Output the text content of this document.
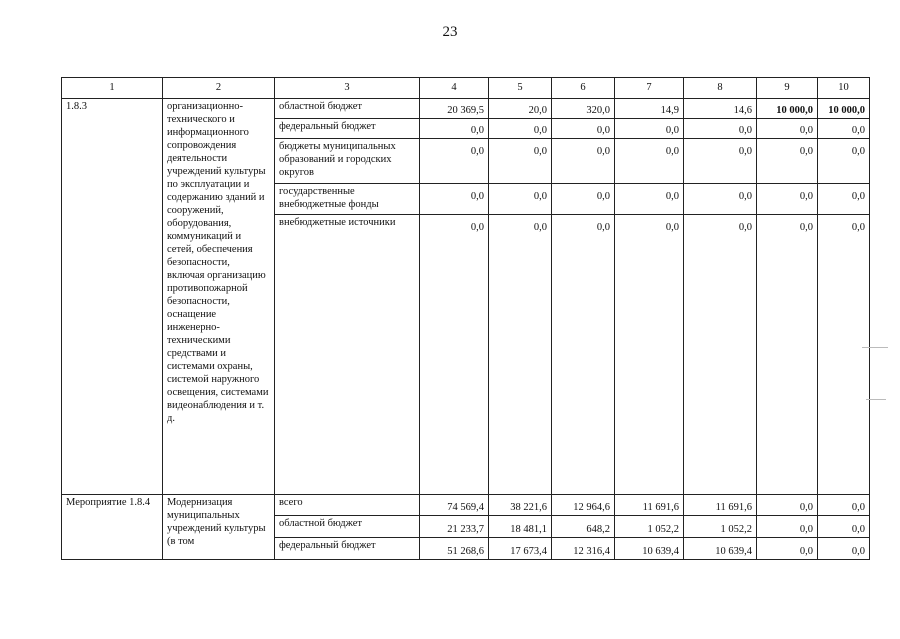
23
1	2	3	4	5	6	7	8	9	10
1.8.3	организационно-технического и информационного сопровождения деятельности учреждений культуры по эксплуатации и содержанию зданий и сооружений, оборудования, коммуникаций и сетей, обеспечения безопасности, включая организацию противопожарной безопасности, оснащение инженерно-техническими средствами и системами охраны, системой наружного освещения, системами видеонаблюдения и т. д.	областной бюджет	20 369,5	20,0	320,0	14,9	14,6	10 000,0	10 000,0
		федеральный бюджет	0,0	0,0	0,0	0,0	0,0	0,0	0,0
		бюджеты муниципальных образований и городских округов	0,0	0,0	0,0	0,0	0,0	0,0	0,0
		государственные внебюджетные фонды	0,0	0,0	0,0	0,0	0,0	0,0	0,0
		внебюджетные источники	0,0	0,0	0,0	0,0	0,0	0,0	0,0
Мероприятие 1.8.4	Модернизация муниципальных учреждений культуры (в том	всего	74 569,4	38 221,6	12 964,6	11 691,6	11 691,6	0,0	0,0
		областной бюджет	21 233,7	18 481,1	648,2	1 052,2	1 052,2	0,0	0,0
		федеральный бюджет	51 268,6	17 673,4	12 316,4	10 639,4	10 639,4	0,0	0,0
